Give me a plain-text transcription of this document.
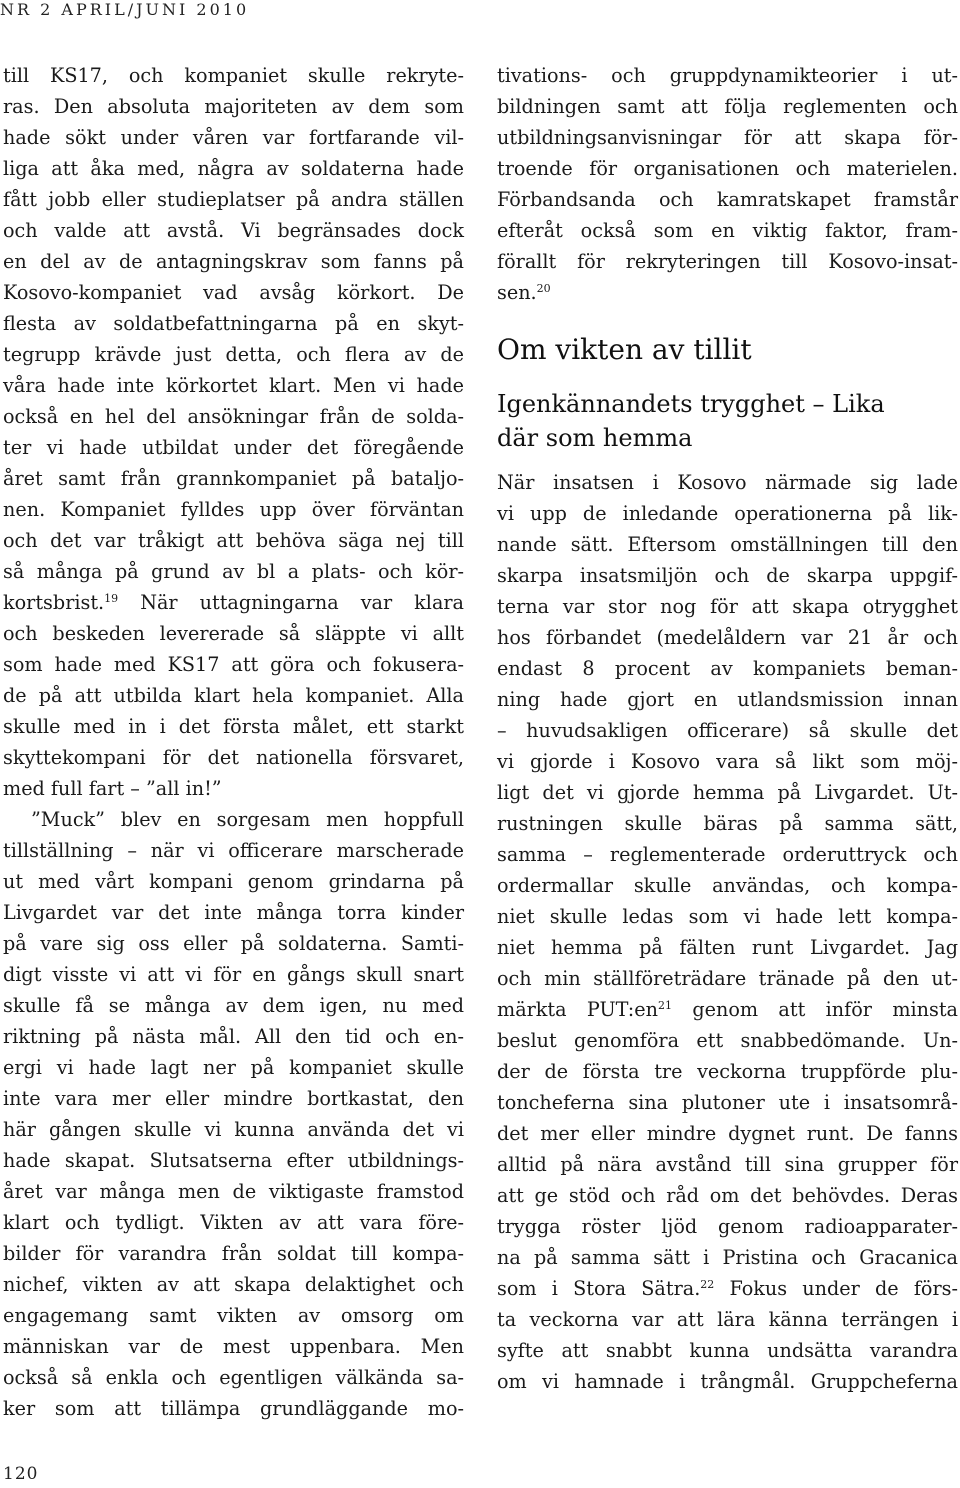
NR 2 APRIL/JUNI 2010
till KS17, och kompaniet skulle rekryte-
ras. Den absoluta majoriteten av dem som
hade sökt under våren var fortfarande vil-
liga att åka med, några av soldaterna hade
fått jobb eller studieplatser på andra ställen
och valde att avstå. Vi begränsades dock
en del av de antagningskrav som fanns på
Kosovo-kompaniet vad avsåg körkort. De
flesta av soldatbefattningarna på en skyt-
tegrupp krävde just detta, och flera av de
våra hade inte körkortet klart. Men vi hade
också en hel del ansökningar från de solda-
ter vi hade utbildat under det föregående
året samt från grannkompaniet på bataljo-
nen. Kompaniet fylldes upp över förväntan
och det var tråkigt att behöva säga nej till
så många på grund av bl a plats- och kör-
kortsbrist.$^{19}$ När uttagningarna var klara
och beskeden levererade så släppte vi allt
som hade med KS17 att göra och fokusera-
de på att utbilda klart hela kompaniet. Alla
skulle med in i det första målet, ett starkt
skyttekompani för det nationella försvaret,
med full fart – ”all in!”
”Muck” blev en sorgesam men hoppfull
tillställning – när vi officerare marscherade
ut med vårt kompani genom grindarna på
Livgardet var det inte många torra kinder
på vare sig oss eller på soldaterna. Samti-
digt visste vi att vi för en gångs skull snart
skulle få se många av dem igen, nu med
riktning på nästa mål. All den tid och en-
ergi vi hade lagt ner på kompaniet skulle
inte vara mer eller mindre bortkastat, den
här gången skulle vi kunna använda det vi
hade skapat. Slutsatserna efter utbildnings-
året var många men de viktigaste framstod
klart och tydligt. Vikten av att vara före-
bilder för varandra från soldat till kompa-
nichef, vikten av att skapa delaktighet och
engagemang samt vikten av omsorg om
människan var de mest uppenbara. Men
också så enkla och egentligen välkända sa-
ker som att tillämpa grundläggande mo-
tivations- och gruppdynamikteorier i ut-
bildningen samt att följa reglementen och
utbildningsanvisningar för att skapa för-
troende för organisationen och materielen.
Förbandsanda och kamratskapet framstår
efteråt också som en viktig faktor, fram-
förallt för rekryteringen till Kosovo-insat-
sen.$^{20}$
Om vikten av tillit
Igenkännandets trygghet – Lika
där som hemma
När insatsen i Kosovo närmade sig lade
vi upp de inledande operationerna på lik-
nande sätt. Eftersom omställningen till den
skarpa insatsmiljön och de skarpa uppgif-
terna var stor nog för att skapa otrygghet
hos förbandet (medelåldern var 21 år och
endast 8 procent av kompaniets beman-
ning hade gjort en utlandsmission innan
– huvudsakligen officerare) så skulle det
vi gjorde i Kosovo vara så likt som möj-
ligt det vi gjorde hemma på Livgardet. Ut-
rustningen skulle bäras på samma sätt,
samma – reglementerade orderuttryck och
ordermallar skulle användas, och kompa-
niet skulle ledas som vi hade lett kompa-
niet hemma på fälten runt Livgardet. Jag
och min ställföreträdare tränade på den ut-
märkta $PUT:en^{21}$ genom att inför minsta
beslut genomföra ett snabbedömande. Un-
der de första tre veckorna truppförde plu-
toncheferna sina plutoner ute i insatsområ-
det mer eller mindre dygnet runt. De fanns
alltid på nära avstånd till sina grupper för
att ge stöd och råd om det behövdes. Deras
trygga röster ljöd genom radioapparater-
na på samma sätt i Pristina och Gracanica
som i Stora Sätra.$^{22}$ Fokus under de förs-
ta veckorna var att lära känna terrängen i
syfte att snabbt kunna undsätta varandra
om vi hamnade i trångmål. Gruppcheferna
120
